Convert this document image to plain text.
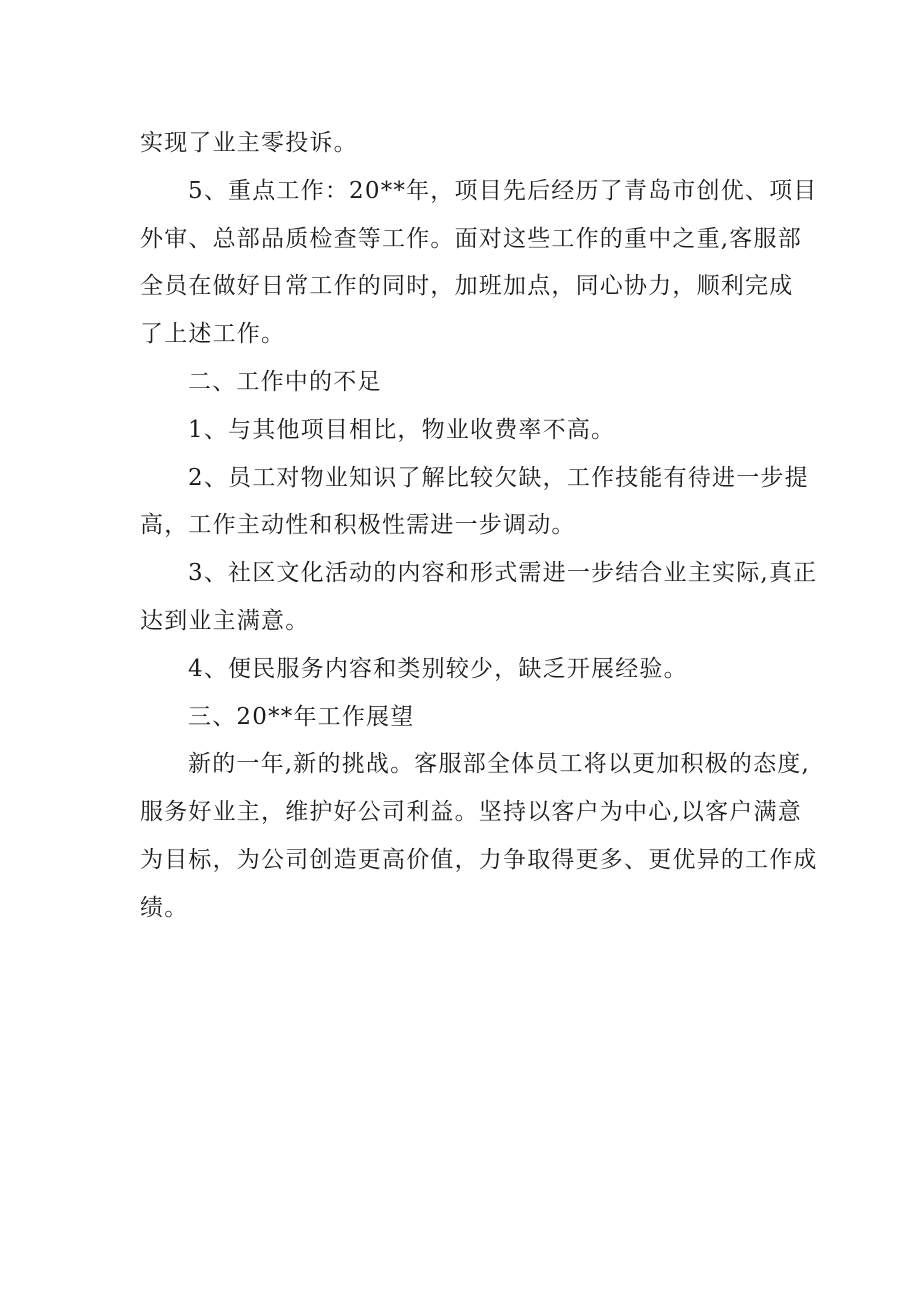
实现了业主零投诉。
5、重点工作：20**年，项目先后经历了青岛市创优、项目
外审、总部品质检查等工作。面对这些工作的重中之重,客服部
全员在做好日常工作的同时，加班加点，同心协力，顺利完成
了上述工作。
二、工作中的不足
1、与其他项目相比，物业收费率不高。
2、员工对物业知识了解比较欠缺，工作技能有待进一步提
高，工作主动性和积极性需进一步调动。
3、社区文化活动的内容和形式需进一步结合业主实际,真正
达到业主满意。
4、便民服务内容和类别较少，缺乏开展经验。
三、20**年工作展望
新的一年,新的挑战。客服部全体员工将以更加积极的态度,
服务好业主，维护好公司利益。坚持以客户为中心,以客户满意
为目标，为公司创造更高价值，力争取得更多、更优异的工作成
绩。
